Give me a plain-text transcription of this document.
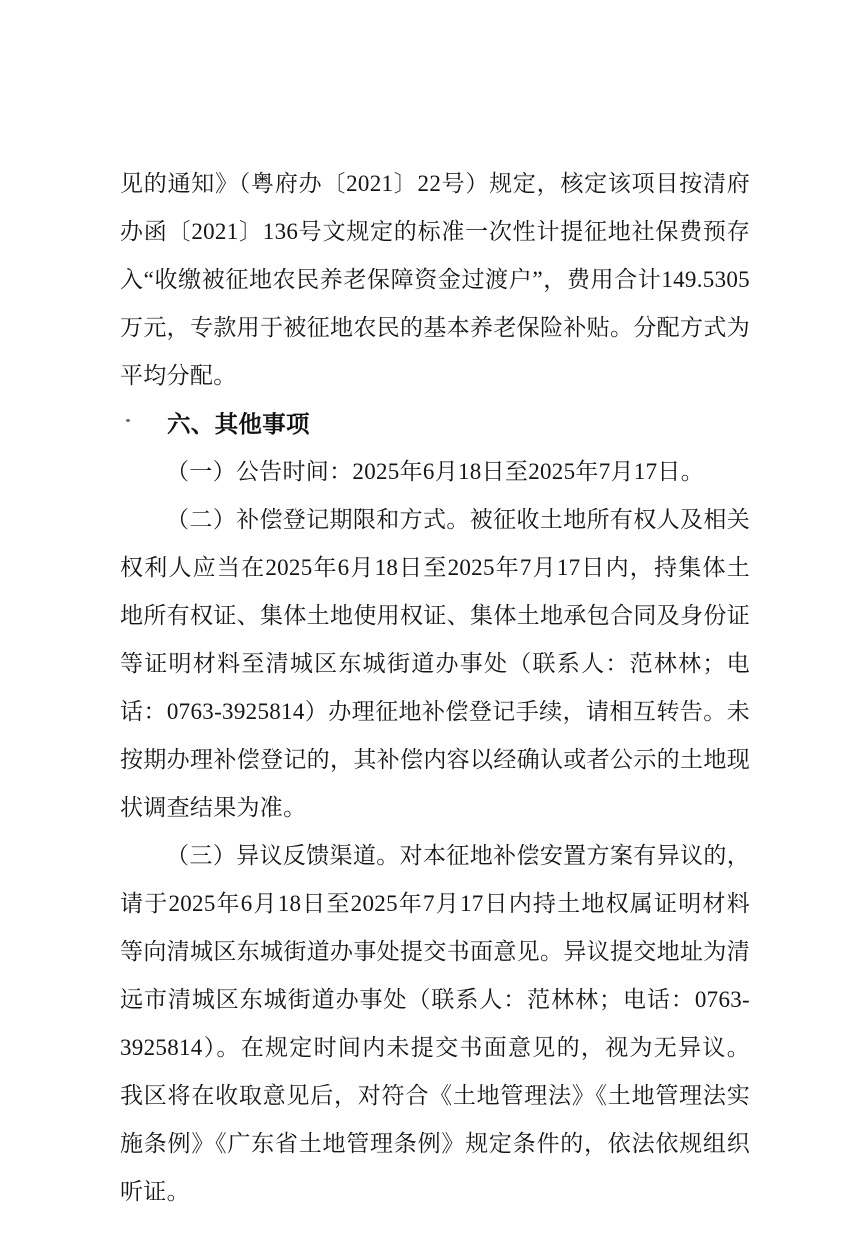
见的通知》（粤府办〔2021〕22号）规定，核定该项目按清府办函〔2021〕136号文规定的标准一次性计提征地社保费预存入“收缴被征地农民养老保障资金过渡户”，费用合计149.5305万元，专款用于被征地农民的基本养老保险补贴。分配方式为平均分配。

六、其他事项

（一）公告时间：2025年6月18日至2025年7月17日。

（二）补偿登记期限和方式。被征收土地所有权人及相关权利人应当在2025年6月18日至2025年7月17日内，持集体土地所有权证、集体土地使用权证、集体土地承包合同及身份证等证明材料至清城区东城街道办事处（联系人：范林林；电话：0763-3925814）办理征地补偿登记手续，请相互转告。未按期办理补偿登记的，其补偿内容以经确认或者公示的土地现状调查结果为准。

（三）异议反馈渠道。对本征地补偿安置方案有异议的，请于2025年6月18日至2025年7月17日内持土地权属证明材料等向清城区东城街道办事处提交书面意见。异议提交地址为清远市清城区东城街道办事处（联系人：范林林；电话：0763-3925814）。在规定时间内未提交书面意见的，视为无异议。我区将在收取意见后，对符合《土地管理法》《土地管理法实施条例》《广东省土地管理条例》规定条件的，依法依规组织听证。
